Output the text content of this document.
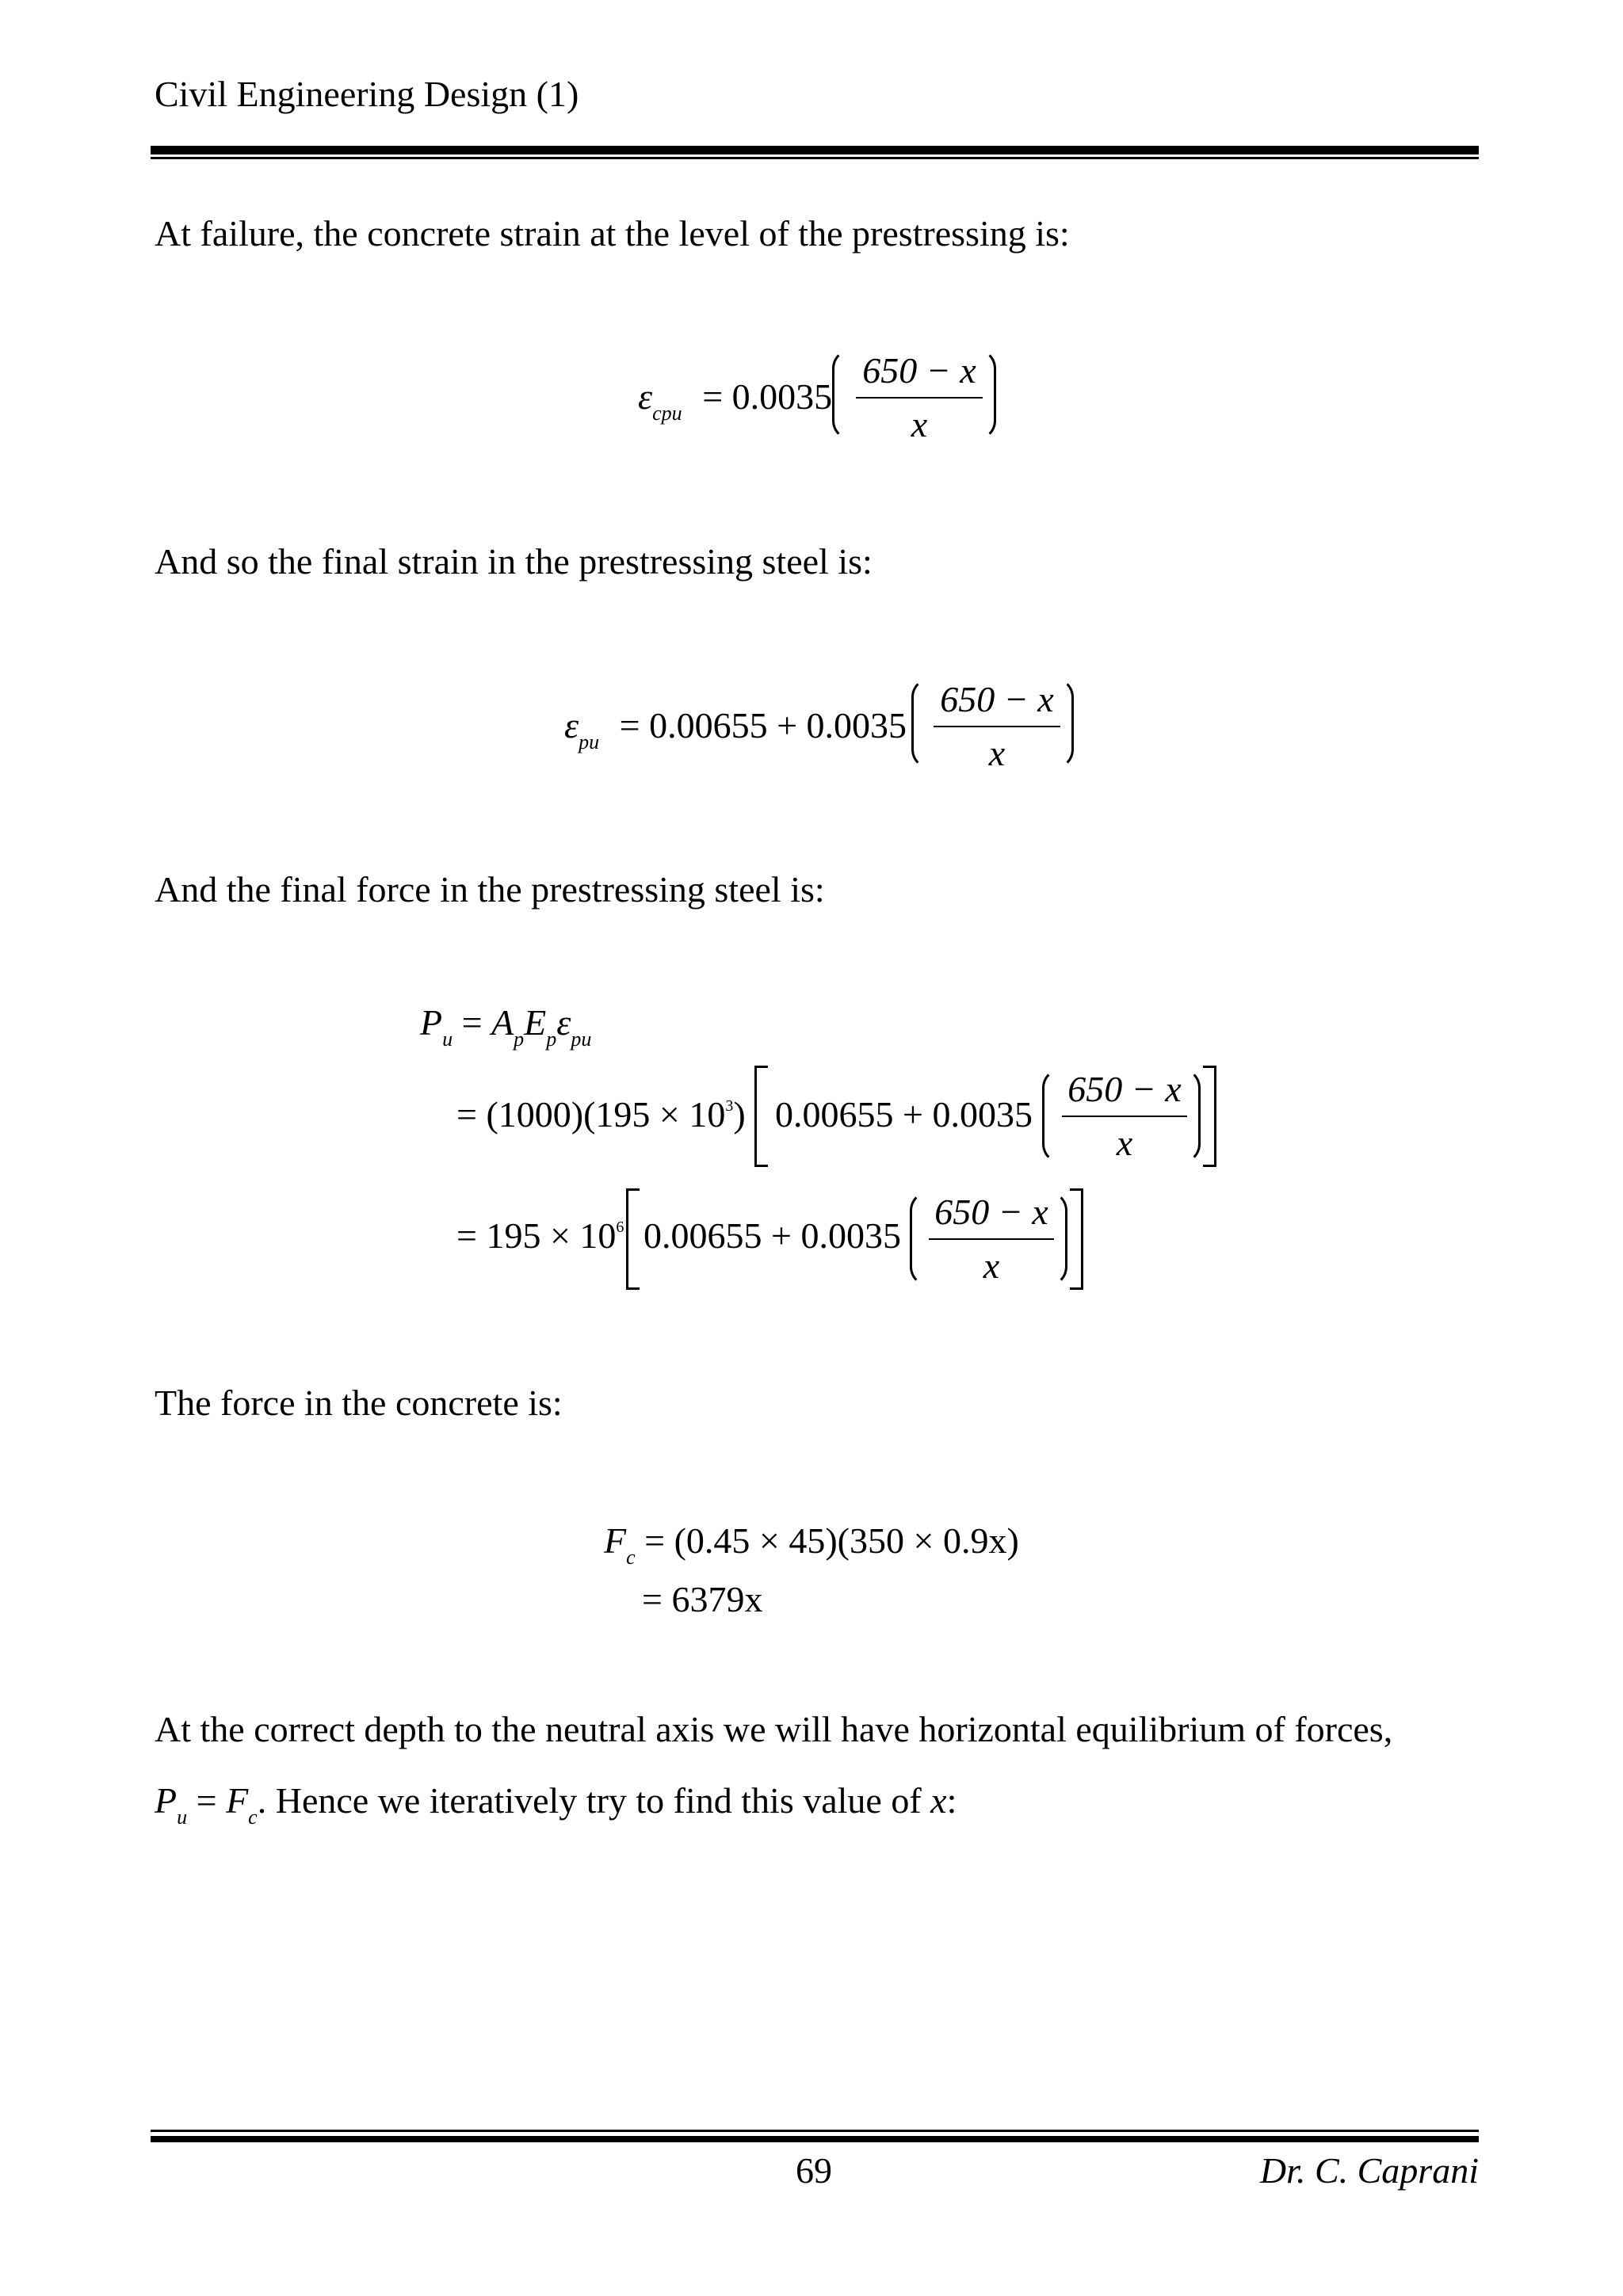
Civil Engineering Design (1)
At failure, the concrete strain at the level of the prestressing is:
$\varepsilon_{cpu} = 0.0035$
650 − x
x
And so the final strain in the prestressing steel is:
$\varepsilon_{pu} = 0.00655 + 0.0035$
650 − x
x
And the final force in the prestressing steel is:
$P_u = A_pE_p\varepsilon_{pu}$
= $(1000)(195 \times 10^3)$ 0.00655 + 0.0035
650 − x
x
= $195 \times 10^6$ 0.00655 + 0.0035
650 − x
x
The force in the concrete is:
$F_c = (0.45 \times 45)(350 \times 0.9x)$
= 6379x
At the correct depth to the neutral axis we will have horizontal equilibrium of forces,
$P_u = F_c$. Hence we iteratively try to find this value of x:
69	Dr. C. Caprani
